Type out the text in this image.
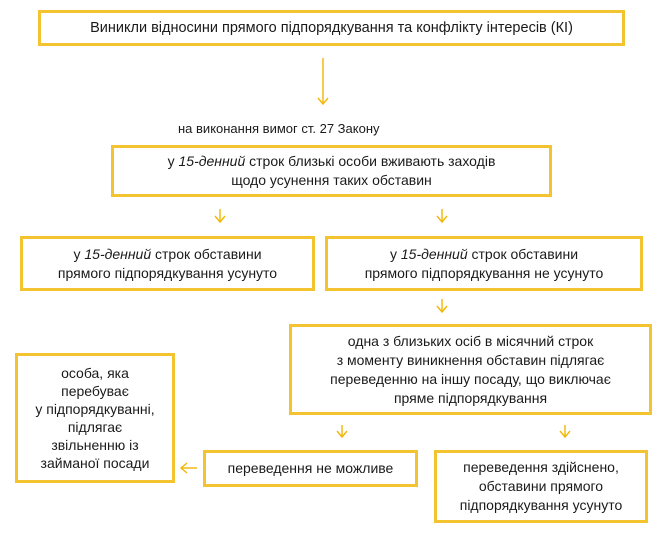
Виникли відносини прямого підпорядкування та конфлікту інтересів (КІ)
на виконання вимог ст. 27 Закону
у 15-денний строк близькі особи вживають заходів
щодо усунення таких обставин
у 15-денний строк обставини
прямого підпорядкування усунуто
у 15-денний строк обставини
прямого підпорядкування не усунуто
одна з близьких осіб в місячний строк
з моменту виникнення обставин підлягає
переведенню на іншу посаду, що виключає
пряме підпорядкування
особа, яка
перебуває
у підпорядкуванні,
підлягає
звільненню із
займаної посади	переведення не можливе	переведення здійснено,
обставини прямого
підпорядкування усунуто
